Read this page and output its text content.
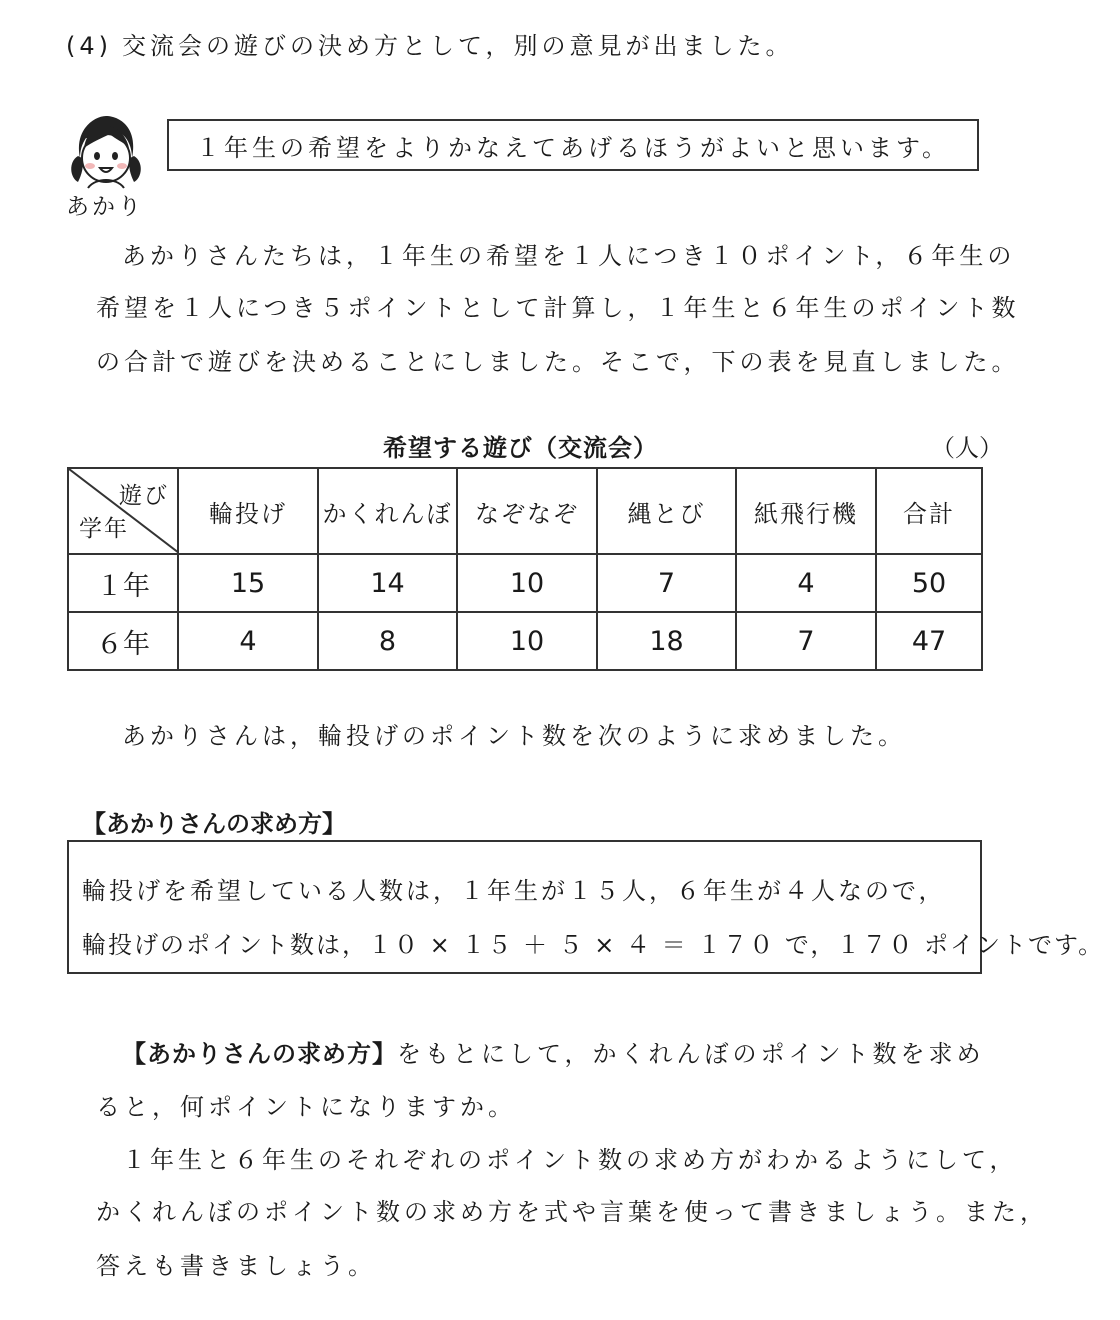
(4) 交流会の遊びの決め方として，別の意見が出ました。
あかり
１年生の希望をよりかなえてあげるほうがよいと思います。
あかりさんたちは，１年生の希望を１人につき１０ポイント，６年生の
希望を１人につき５ポイントとして計算し，１年生と６年生のポイント数
の合計で遊びを決めることにしました。そこで，下の表を見直しました。
希望する遊び（交流会）	（人）
遊び
学年	輪投げ	かくれんぼ	なぞなぞ	縄とび	紙飛行機	合計
１年	15	14	10	7	4	50
６年	4	8	10	18	7	47
あかりさんは，輪投げのポイント数を次のように求めました。
【あかりさんの求め方】
輪投げを希望している人数は，１年生が１５人，６年生が４人なので，
輪投げのポイント数は，１０ × １５ ＋ ５ × ４ ＝ １７０ で，１７０ ポイントです。
【あかりさんの求め方】をもとにして，かくれんぼのポイント数を求め
ると，何ポイントになりますか。
１年生と６年生のそれぞれのポイント数の求め方がわかるようにして，
かくれんぼのポイント数の求め方を式や言葉を使って書きましょう。また，
答えも書きましょう。
